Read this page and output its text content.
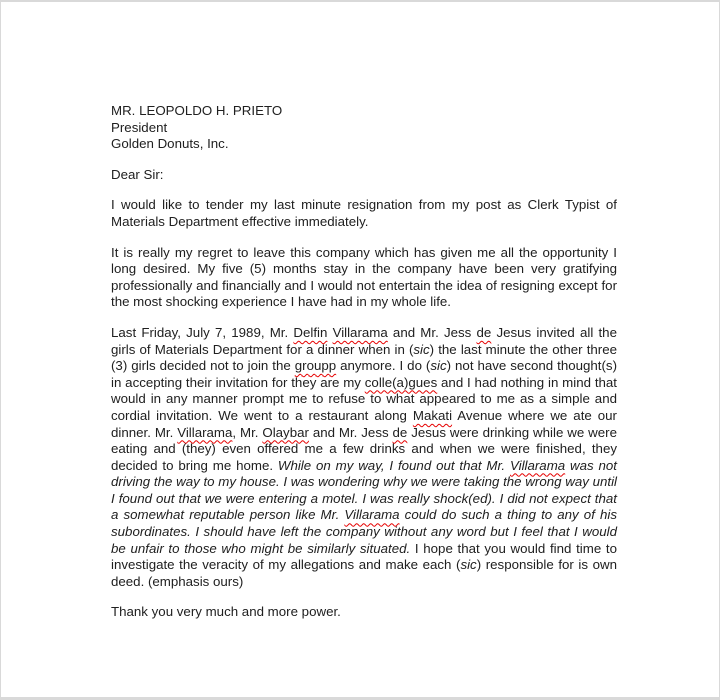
MR. LEOPOLDO H. PRIETO
President
Golden Donuts, Inc.

Dear Sir:

I would like to tender my last minute resignation from my post as Clerk Typist of Materials Department effective immediately.

It is really my regret to leave this company which has given me all the opportunity I long desired. My five (5) months stay in the company have been very gratifying professionally and financially and I would not entertain the idea of resigning except for the most shocking experience I have had in my whole life.

Last Friday, July 7, 1989, Mr. Delfin Villarama and Mr. Jess de Jesus invited all the girls of Materials Department for a dinner when in (sic) the last minute the other three (3) girls decided not to join the groupp anymore. I do (sic) not have second thought(s) in accepting their invitation for they are my colle(a)gues and I had nothing in mind that would in any manner prompt me to refuse to what appeared to me as a simple and cordial invitation. We went to a restaurant along Makati Avenue where we ate our dinner. Mr. Villarama, Mr. Olaybar and Mr. Jess de Jesus were drinking while we were eating and (they) even offered me a few drinks and when we were finished, they decided to bring me home. While on my way, I found out that Mr. Villarama was not driving the way to my house. I was wondering why we were taking the wrong way until I found out that we were entering a motel. I was really shock(ed). I did not expect that a somewhat reputable person like Mr. Villarama could do such a thing to any of his subordinates. I should have left the company without any word but I feel that I would be unfair to those who might be similarly situated. I hope that you would find time to investigate the veracity of my allegations and make each (sic) responsible for is own deed. (emphasis ours)

Thank you very much and more power.
